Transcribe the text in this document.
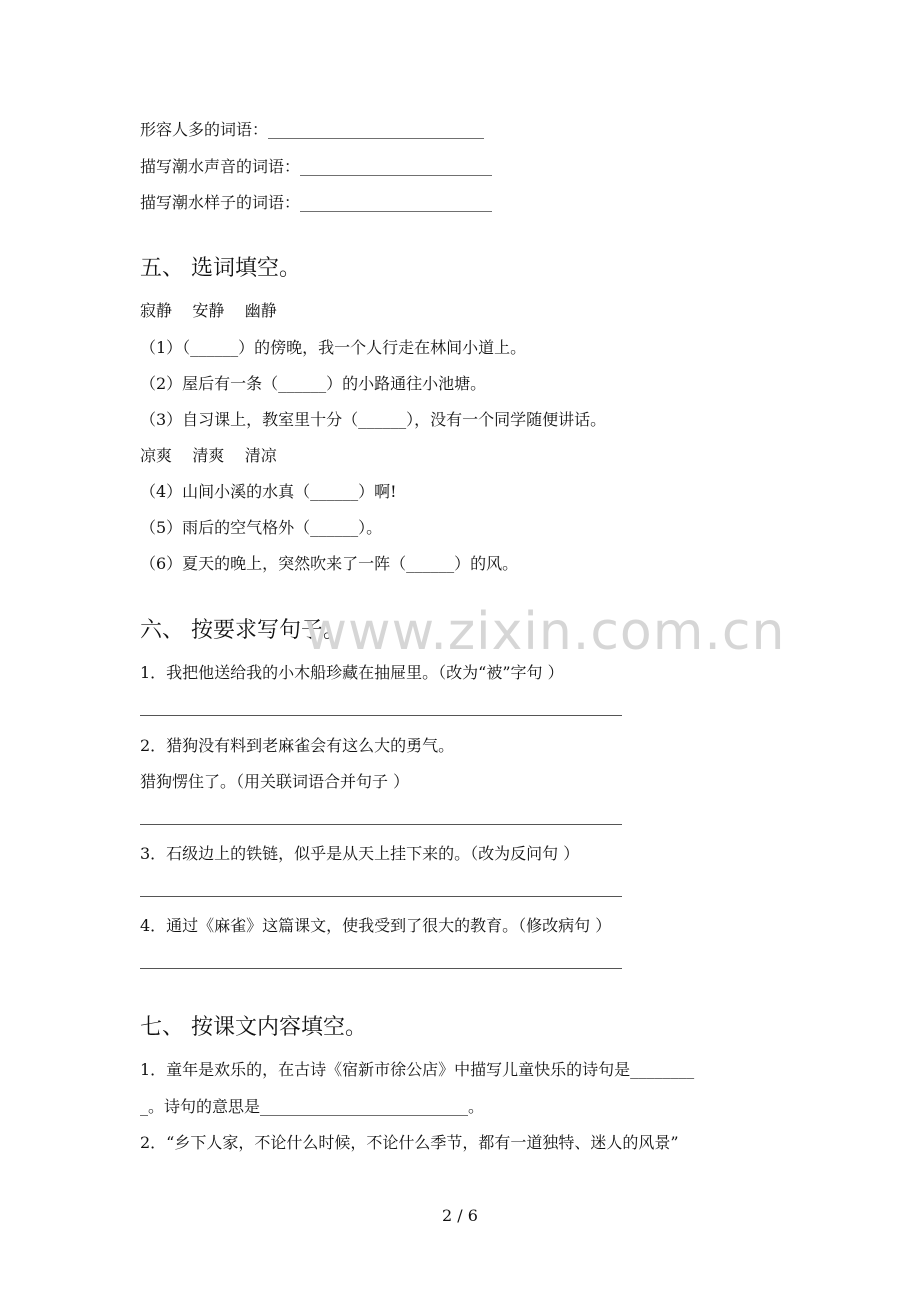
形容人多的词语：___________________________
描写潮水声音的词语：________________________
描写潮水样子的词语：________________________
五、 选词填空。
寂静    安静    幽静
（1）（______）的傍晚，我一个人行走在林间小道上。
（2）屋后有一条（______）的小路通往小池塘。
（3）自习课上，教室里十分（______），没有一个同学随便讲话。
凉爽    清爽    清凉
（4）山间小溪的水真（______）啊!
（5）雨后的空气格外（______）。
（6）夏天的晚上，突然吹来了一阵（______）的风。
六、 按要求写句子。
1．我把他送给我的小木船珍藏在抽屉里。（改为“被”字句 ）
2．猎狗没有料到老麻雀会有这么大的勇气。
猎狗愣住了。（用关联词语合并句子 ）
3．石级边上的铁链，似乎是从天上挂下来的。（改为反问句 ）
4．通过《麻雀》这篇课文，使我受到了很大的教育。（修改病句 ）
七、 按课文内容填空。
1．童年是欢乐的，在古诗《宿新市徐公店》中描写儿童快乐的诗句是________
_。诗句的意思是__________________________。
2．“乡下人家，不论什么时候，不论什么季节，都有一道独特、迷人的风景”
www.zixin.com.cn
2 / 6
